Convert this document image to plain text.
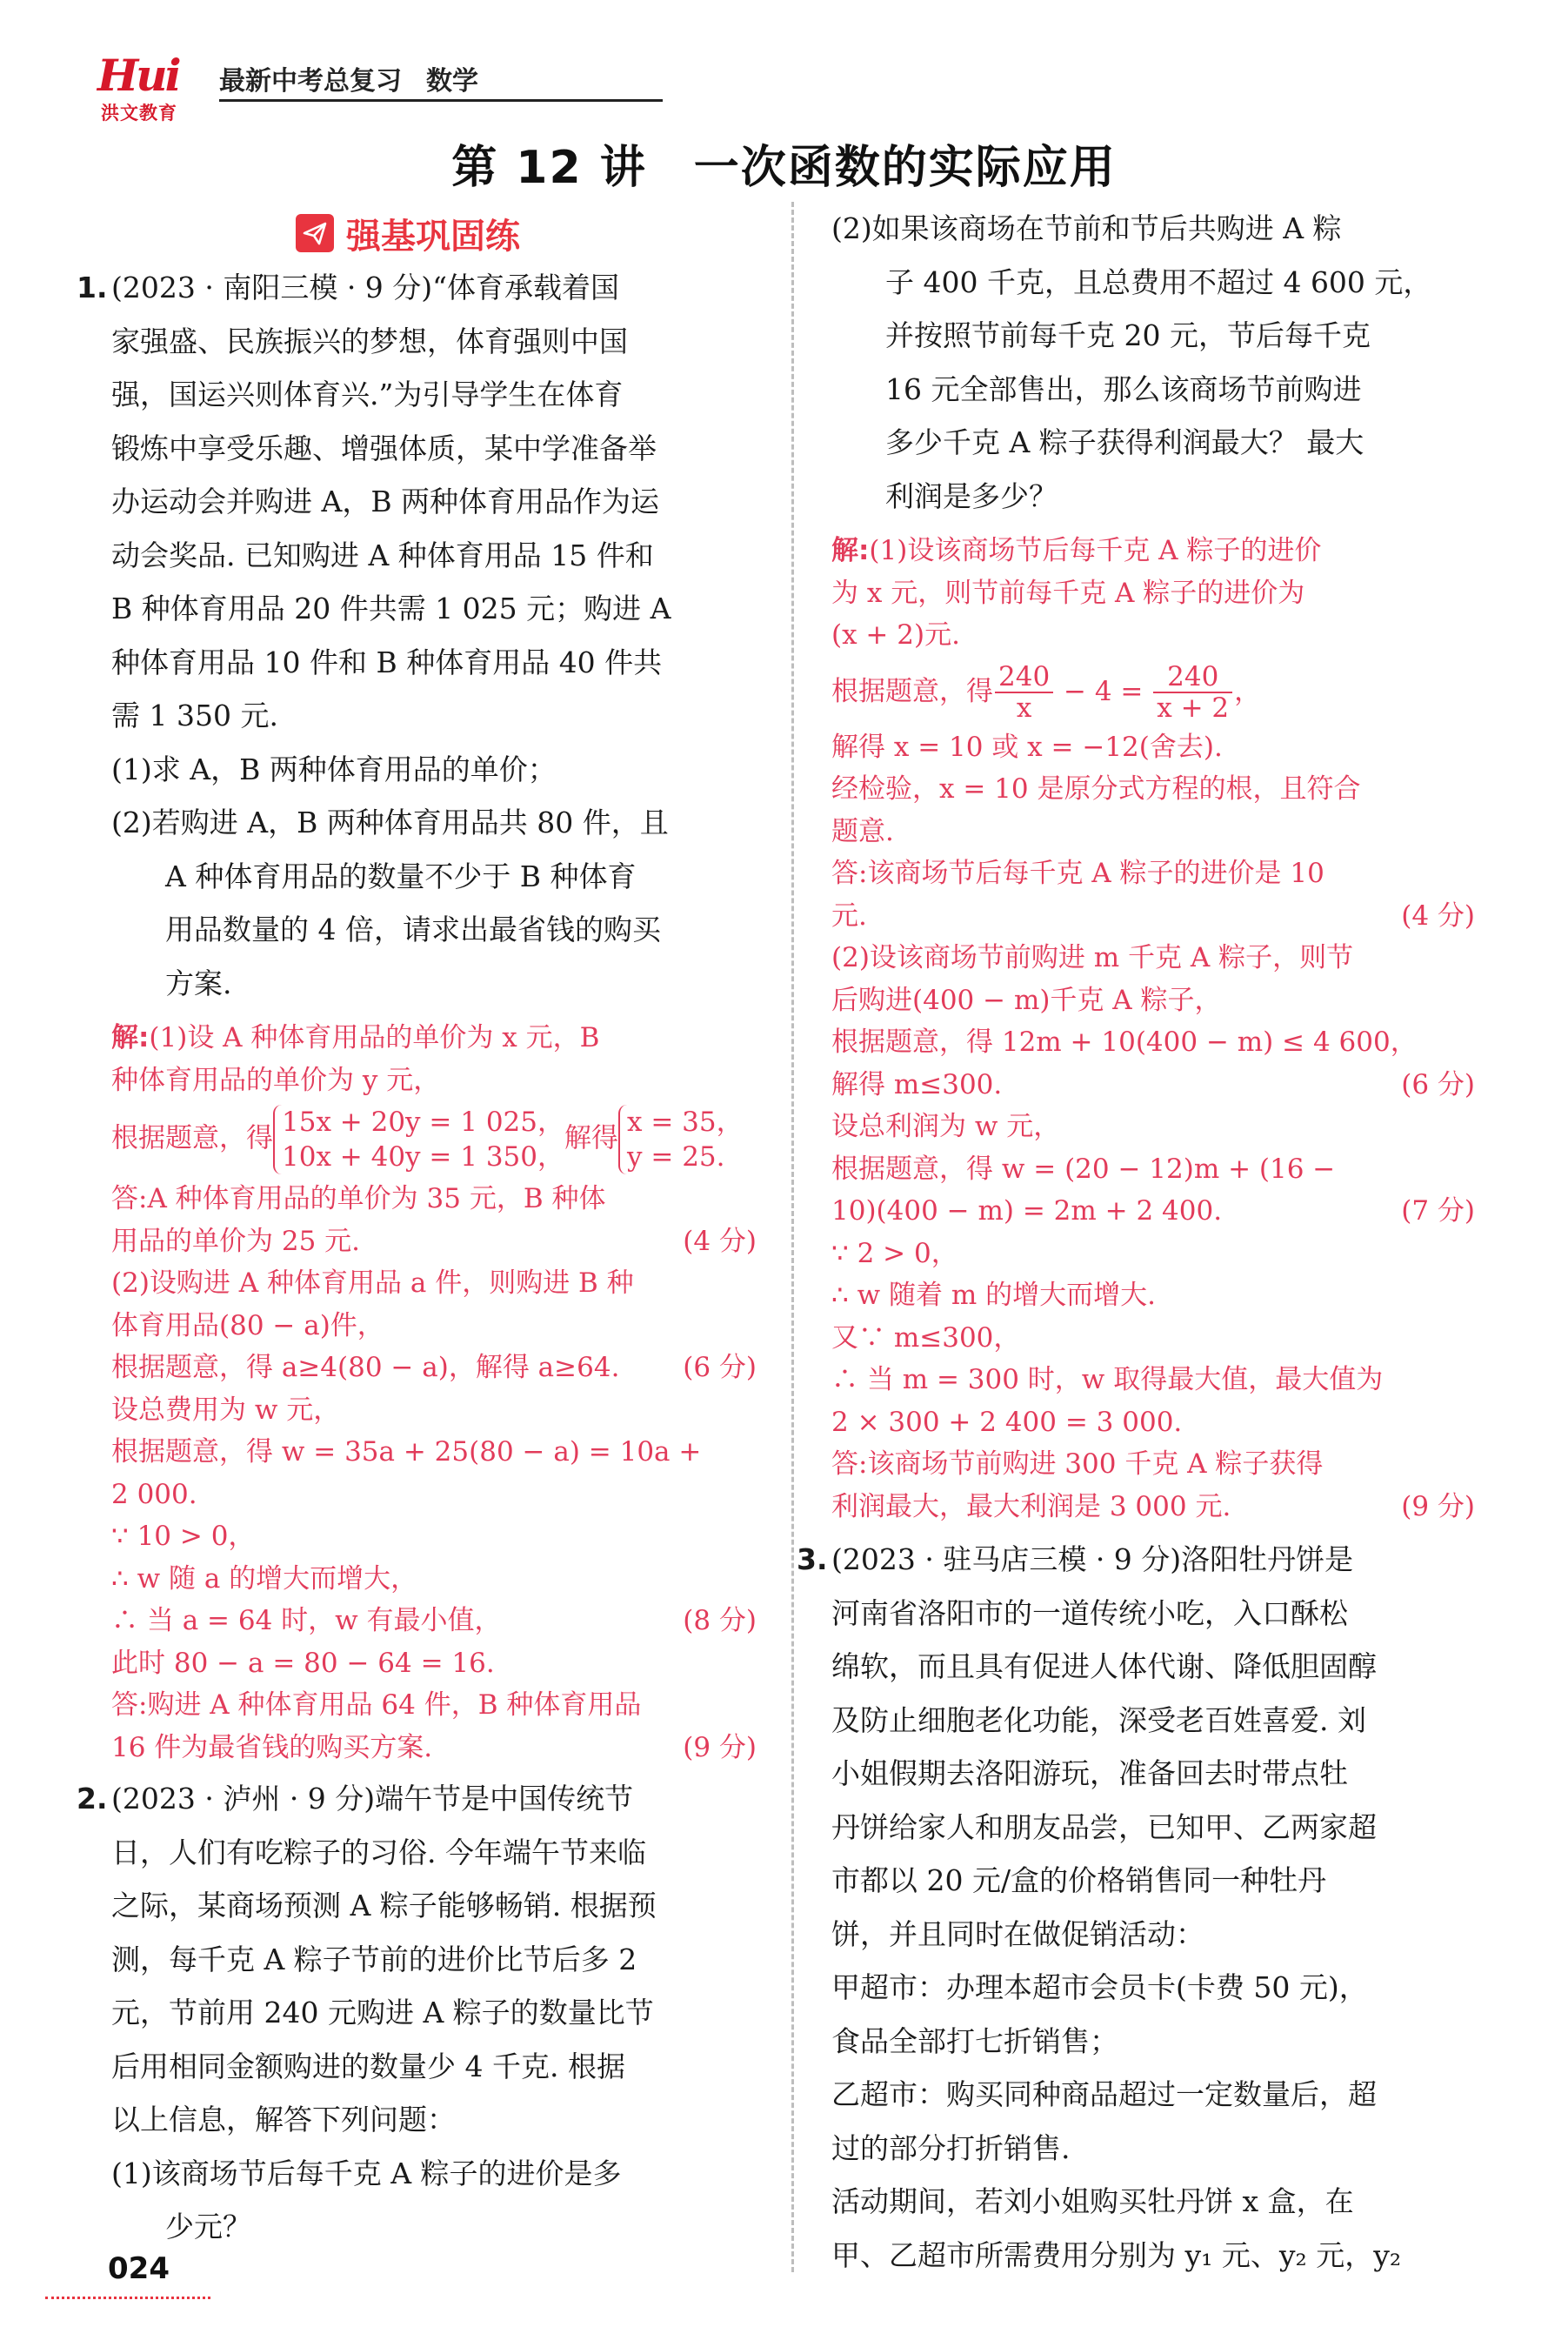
Hui
洪文教育
最新中考总复习 数学
第 12 讲　一次函数的实际应用
强基巩固练

1. (2023 · 南阳三模 · 9 分)“体育承载着国

家强盛、民族振兴的梦想，体育强则中国

强，国运兴则体育兴.”为引导学生在体育

锻炼中享受乐趣、增强体质，某中学准备举

办运动会并购进 A，B 两种体育用品作为运

动会奖品. 已知购进 A 种体育用品 15 件和

B 种体育用品 20 件共需 1 025 元；购进 A

种体育用品 10 件和 B 种体育用品 40 件共

需 1 350 元.

(1)求 A，B 两种体育用品的单价；

(2)若购进 A，B 两种体育用品共 80 件，且

A 种体育用品的数量不少于 B 种体育

用品数量的 4 倍，请求出最省钱的购买

方案.

解:(1)设 A 种体育用品的单价为 x 元，B

种体育用品的单价为 y 元，

根据题意，得
15x + 20y = 1 025，
10x + 40y = 1 350，
解得
x = 35，
y = 25.

答:A 种体育用品的单价为 35 元，B 种体

用品的单价为 25 元.	(4 分)

(2)设购进 A 种体育用品 a 件，则购进 B 种

体育用品(80 − a)件，

根据题意，得 a≥4(80 − a)，解得 a≥64. (6 分)

设总费用为 w 元，

根据题意，得 w = 35a + 25(80 − a) = 10a +

2 000.

∵ 10 > 0，

∴ w 随 a 的增大而增大，

∴ 当 a = 64 时，w 有最小值，	(8 分)

此时 80 − a = 80 − 64 = 16.

答:购进 A 种体育用品 64 件，B 种体育用品

16 件为最省钱的购买方案.	(9 分)

2. (2023 · 泸州 · 9 分)端午节是中国传统节

日，人们有吃粽子的习俗. 今年端午节来临

之际，某商场预测 A 粽子能够畅销. 根据预

测，每千克 A 粽子节前的进价比节后多 2

元，节前用 240 元购进 A 粽子的数量比节

后用相同金额购进的数量少 4 千克. 根据

以上信息，解答下列问题：

(1)该商场节后每千克 A 粽子的进价是多

少元？

(2)如果该商场在节前和节后共购进 A 粽

子 400 千克，且总费用不超过 4 600 元，

并按照节前每千克 20 元，节后每千克

16 元全部售出，那么该商场节前购进

多少千克 A 粽子获得利润最大？ 最大

利润是多少？

解:(1)设该商场节后每千克 A 粽子的进价

为 x 元，则节前每千克 A 粽子的进价为

(x + 2)元.

根据题意，得 $\frac{240}{x} - 4 = \frac{240}{x + 2}$ ，

解得 x = 10 或 x = −12(舍去).

经检验，x = 10 是原分式方程的根，且符合

题意.

答:该商场节后每千克 A 粽子的进价是 10

元.	(4 分)

(2)设该商场节前购进 m 千克 A 粽子，则节

后购进(400 − m)千克 A 粽子，

根据题意，得 12m + 10(400 − m) ≤ 4 600，

解得 m≤300.	(6 分)

设总利润为 w 元，

根据题意，得 w = (20 − 12)m + (16 −

10)(400 − m) = 2m + 2 400.	(7 分)

∵ 2 > 0，

∴ w 随着 m 的增大而增大.

又∵ m≤300，

∴ 当 m = 300 时，w 取得最大值，最大值为

2 × 300 + 2 400 = 3 000.

答:该商场节前购进 300 千克 A 粽子获得

利润最大，最大利润是 3 000 元.	(9 分)

3. (2023 · 驻马店三模 · 9 分)洛阳牡丹饼是

河南省洛阳市的一道传统小吃，入口酥松

绵软，而且具有促进人体代谢、降低胆固醇

及防止细胞老化功能，深受老百姓喜爱. 刘

小姐假期去洛阳游玩，准备回去时带点牡

丹饼给家人和朋友品尝，已知甲、乙两家超

市都以 20 元/盒的价格销售同一种牡丹

饼，并且同时在做促销活动：

甲超市：办理本超市会员卡(卡费 50 元)，

食品全部打七折销售；

乙超市：购买同种商品超过一定数量后，超

过的部分打折销售.

活动期间，若刘小姐购买牡丹饼 x 盒，在

甲、乙超市所需费用分别为 y₁ 元、y₂ 元，y₂

024
